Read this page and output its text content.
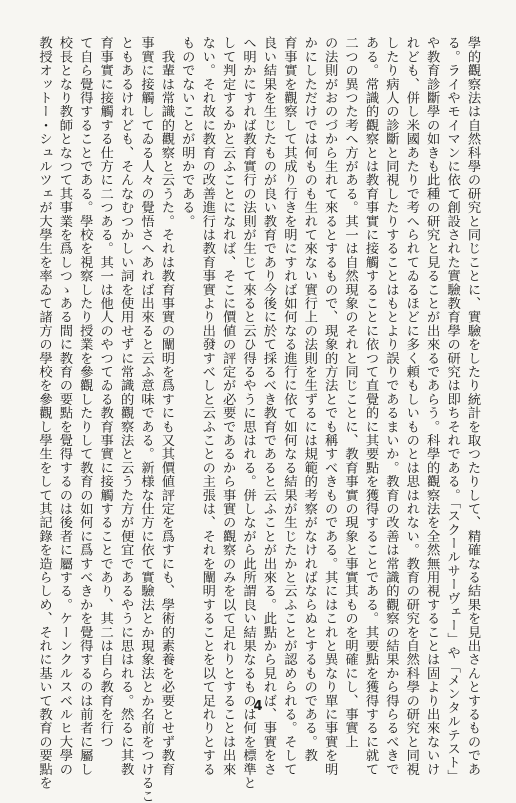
學的觀察法は自然科學の研究と同じことに、實驗をしたり統計を取つたりして、精確なる結果を見出さんとするものであ
る。ライやモイマンに依て創設された實驗教育學の研究は即ちそれである。「スクールサーヴェー」や「メンタルテスト」
や教育診斷學の如きも此種の研究と見ることが出來るであらう。科學的觀察法を全然無用視することは固より出來ないけ
れども、併し米國あたりで考へられてゐるほどに多く頼もしいものとは思はれない。教育の研究を自然科學の研究と同視
したり病人の診斷と同視したりすることはもとより誤りであるまいか。教育の改善は常識的觀察の結果から得らるべきで
ある。常識的觀察とは教育事實に接觸することに依つて直覺的に其要點を獲得することである。其要點を獲得するに就て
二つの異つた考へ方がある。其一は自然現象のそれと同じことに、教育事實の現象と事實其ものを明確にし、事實上
の法則がおのづから生れて來るとするもので、現象的方法とでも稱すべきものである。其にはこれと異なり單に事實を明
かにしただけでは何ものも生れて來ない實行上の法則を生ずるには規範的考察がなければならぬとするものである。教
育事實を觀察して其成り行きを明にすれば如何なる進行に依て如何なる結果が生じたかと云ふことが認められる。そして
良い結果を生じたものが良い教育であり今後に於て採るべき教育であると云ふことが出來る。此點から見れば、事實をさ
へ明かにすれば教育實行の法則が生じて來ると云ひ得るやうに思はれる。併しながら此所謂良い結果なるものは何を標準と
して判定するかと云ふことになれば、そこに價値の評定が必要であるから事實の觀察のみを以て足れりとすることは出來
ない。それ故に教育の改善進行は教育事實より出發すべしと云ふことの主張は、それを闡明することを以て足れりとする
ものでないことが明かである。
　我輩は常識的觀察と云うた。それは教育事實の闡明を爲すにも又其價値評定を爲すにも、學術的素養を必要とせず教育
事實に接觸してゐる人々の覺悟さへあれば出來ると云ふ意味である。新様な仕方に依て實驗法とか現象法とか名前をつけるこ
ともあるけれども、そんなむつかしい詞を使用せずに常識的觀察法と云うた方が便宜であるやうに思はれる。然るに其教
育事實に接觸する仕方に二つある。其一は他人のやつてゐる教育事實に接觸することであり、其二は自ら教育を行つ
て自ら覺得することである。學校を視察したり授業を參觀したりして教育の如何に爲すべきかを覺得するのは前者に屬し
校長となり教師となつて其事業を爲しつゝある間に教育の要點を覺得するのは後者に屬する。ケーンクルスベルヒ大學の
教授オットー・シュルツェが大學生を率ゐて諸方の學校を參觀し學生をして其記錄を造らしめ、それに基いて教育の要點を	4
